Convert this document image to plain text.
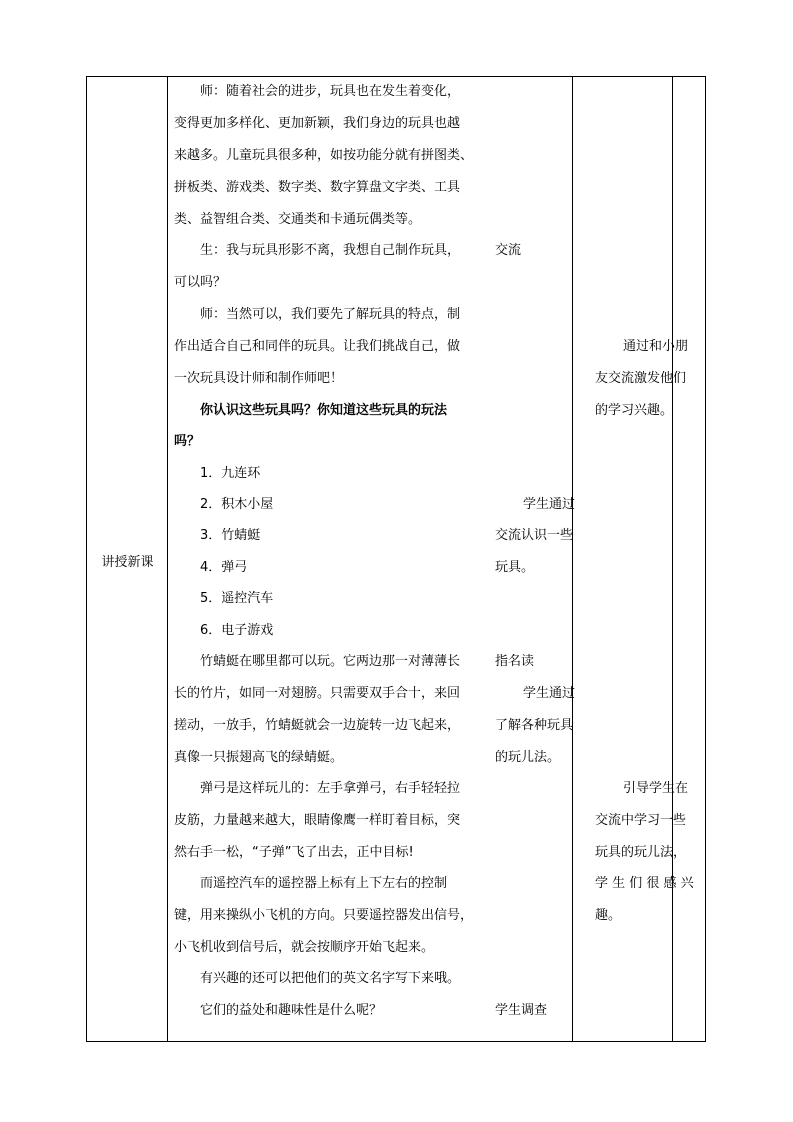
讲授新课
师：随着社会的进步，玩具也在发生着变化，
变得更加多样化、更加新颖，我们身边的玩具也越
来越多。儿童玩具很多种，如按功能分就有拼图类、
拼板类、游戏类、数字类、数字算盘文字类、工具
类、益智组合类、交通类和卡通玩偶类等。
生：我与玩具形影不离，我想自己制作玩具，
可以吗？
师：当然可以，我们要先了解玩具的特点，制
作出适合自己和同伴的玩具。让我们挑战自己，做
一次玩具设计师和制作师吧！
你认识这些玩具吗？你知道这些玩具的玩法
吗？
1．九连环
2．积木小屋
3．竹蜻蜓
4．弹弓
5．遥控汽车
6．电子游戏
竹蜻蜓在哪里都可以玩。它两边那一对薄薄长
长的竹片，如同一对翅膀。只需要双手合十，来回
搓动，一放手，竹蜻蜓就会一边旋转一边飞起来，
真像一只振翅高飞的绿蜻蜓。
弹弓是这样玩儿的：左手拿弹弓，右手轻轻拉
皮筋，力量越来越大，眼睛像鹰一样盯着目标，突
然右手一松，“子弹”飞了出去，正中目标!
而遥控汽车的遥控器上标有上下左右的控制
键，用来操纵小飞机的方向。只要遥控器发出信号，
小飞机收到信号后，就会按顺序开始飞起来。
有兴趣的还可以把他们的英文名字写下来哦。
它们的益处和趣味性是什么呢？
交流
学生通过
交流认识一些
玩具。
指名读
学生通过
了解各种玩具
的玩儿法。
学生调查
通过和小朋
友交流激发他们
的学习兴趣。
引导学生在
交流中学习一些
玩具的玩儿法，
学 生 们 很 感 兴
趣。
